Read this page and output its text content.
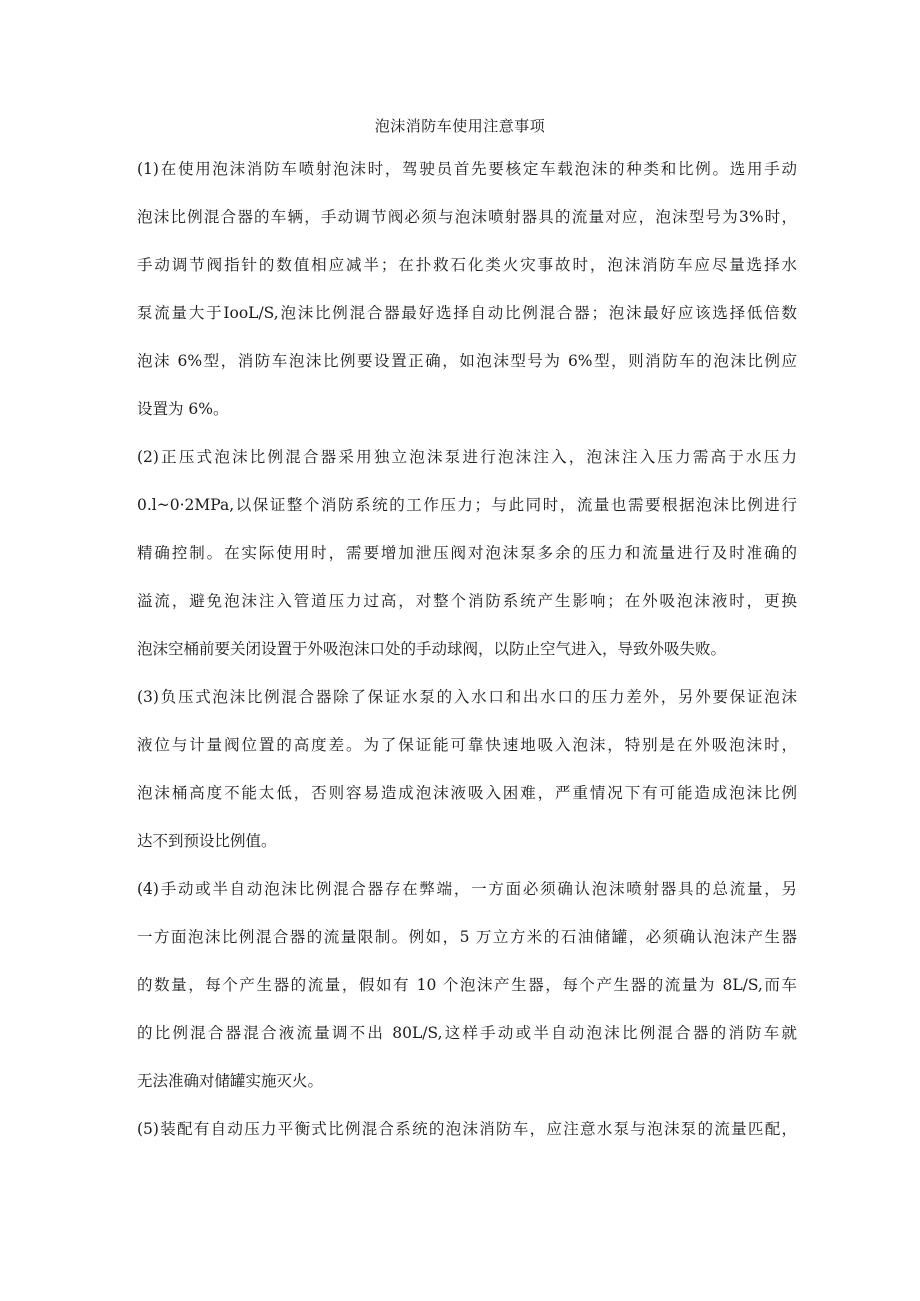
泡沫消防车使用注意事项
(1)在使用泡沫消防车喷射泡沫时，驾驶员首先要核定车载泡沫的种类和比例。选用手动
泡沫比例混合器的车辆，手动调节阀必须与泡沫喷射器具的流量对应，泡沫型号为3%时，
手动调节阀指针的数值相应减半；在扑救石化类火灾事故时，泡沫消防车应尽量选择水
泵流量大于IooL/S,泡沫比例混合器最好选择自动比例混合器；泡沫最好应该选择低倍数
泡沫 6%型，消防车泡沫比例要设置正确，如泡沫型号为 6%型，则消防车的泡沫比例应
设置为 6%。
(2)正压式泡沫比例混合器采用独立泡沫泵进行泡沫注入，泡沫注入压力需高于水压力
0.l~0·2MPa,以保证整个消防系统的工作压力；与此同时，流量也需要根据泡沫比例进行
精确控制。在实际使用时，需要增加泄压阀对泡沫泵多余的压力和流量进行及时准确的
溢流，避免泡沫注入管道压力过高，对整个消防系统产生影响；在外吸泡沫液时，更换
泡沫空桶前要关闭设置于外吸泡沫口处的手动球阀，以防止空气进入，导致外吸失败。
(3)负压式泡沫比例混合器除了保证水泵的入水口和出水口的压力差外，另外要保证泡沫
液位与计量阀位置的高度差。为了保证能可靠快速地吸入泡沫，特别是在外吸泡沫时，
泡沫桶高度不能太低，否则容易造成泡沫液吸入困难，严重情况下有可能造成泡沫比例
达不到预设比例值。
(4)手动或半自动泡沫比例混合器存在弊端，一方面必须确认泡沫喷射器具的总流量，另
一方面泡沫比例混合器的流量限制。例如，5 万立方米的石油储罐，必须确认泡沫产生器
的数量，每个产生器的流量，假如有 10 个泡沫产生器，每个产生器的流量为 8L/S,而车
的比例混合器混合液流量调不出 80L/S,这样手动或半自动泡沫比例混合器的消防车就
无法准确对储罐实施灭火。
(5)装配有自动压力平衡式比例混合系统的泡沫消防车，应注意水泵与泡沫泵的流量匹配，
